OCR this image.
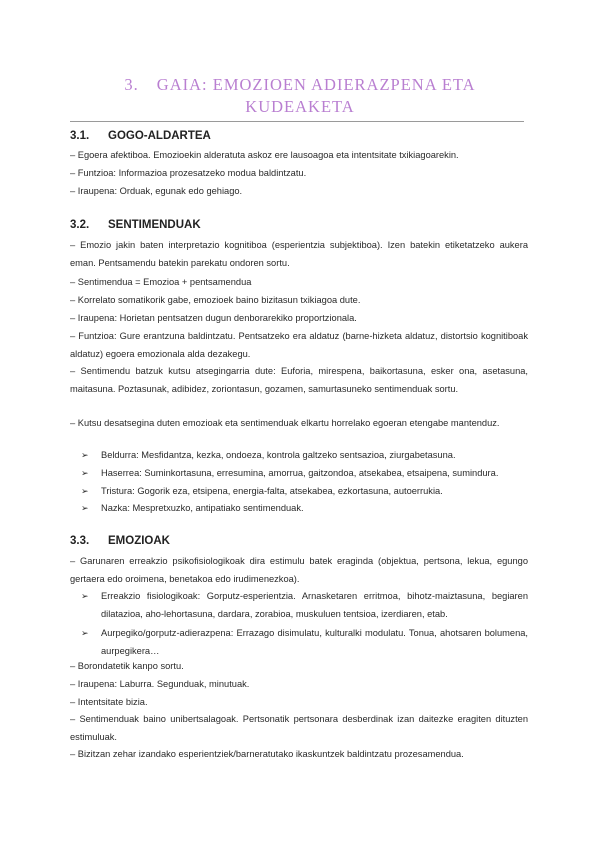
3. GAIA: EMOZIOEN ADIERAZPENA ETA
KUDEAKETA
3.1. GOGO-ALDARTEA
– Egoera afektiboa. Emozioekin alderatuta askoz ere lausoagoa eta intentsitate txikiagoarekin.
– Funtzioa: Informazioa prozesatzeko modua baldintzatu.
– Iraupena: Orduak, egunak edo gehiago.
3.2. SENTIMENDUAK
– Emozio jakin baten interpretazio kognitiboa (esperientzia subjektiboa). Izen batekin etiketatzeko aukera eman. Pentsamendu batekin parekatu ondoren sortu.
– Sentimendua = Emozioa + pentsamendua
– Korrelato somatikorik gabe, emozioek baino bizitasun txikiagoa dute.
– Iraupena: Horietan pentsatzen dugun denborarekiko proportzionala.
– Funtzioa: Gure erantzuna baldintzatu. Pentsatzeko era aldatuz (barne-hizketa aldatuz, distortsio kognitiboak aldatuz) egoera emozionala alda dezakegu.
– Sentimendu batzuk kutsu atsegingarria dute: Euforia, mirespena, baikortasuna, esker ona, asetasuna, maitasuna. Poztasunak, adibidez, zoriontasun, gozamen, samurtasuneko sentimenduak sortu.
– Kutsu desatsegina duten emozioak eta sentimenduak elkartu horrelako egoeran etengabe mantenduz.
➢ Beldurra: Mesfidantza, kezka, ondoeza, kontrola galtzeko sentsazioa, ziurgabetasuna.
➢ Haserrea: Suminkortasuna, erresumina, amorrua, gaitzondoa, atsekabea, etsaipena, sumindura.
➢ Tristura: Gogorik eza, etsipena, energia-falta, atsekabea, ezkortasuna, autoerrukia.
➢ Nazka: Mespretxuzko, antipatiako sentimenduak.
3.3. EMOZIOAK
– Garunaren erreakzio psikofisiologikoak dira estimulu batek eraginda (objektua, pertsona, lekua, egungo gertaera edo oroimena, benetakoa edo irudimenezkoa).
➢ Erreakzio fisiologikoak: Gorputz-esperientzia. Arnasketaren erritmoa, bihotz-maiztasuna, begiaren dilatazioa, aho-lehortasuna, dardara, zorabioa, muskuluen tentsioa, izerdiaren, etab.
➢ Aurpegiko/gorputz-adierazpena: Errazago disimulatu, kulturalki modulatu. Tonua, ahotsaren bolumena, aurpegikera…
– Borondatetik kanpo sortu.
– Iraupena: Laburra. Segunduak, minutuak.
– Intentsitate bizia.
– Sentimenduak baino unibertsalagoak. Pertsonatik pertsonara desberdinak izan daitezke eragiten dituzten estimuluak.
– Bizitzan zehar izandako esperientziek/barneratutako ikaskuntzek baldintzatu prozesamendua.
